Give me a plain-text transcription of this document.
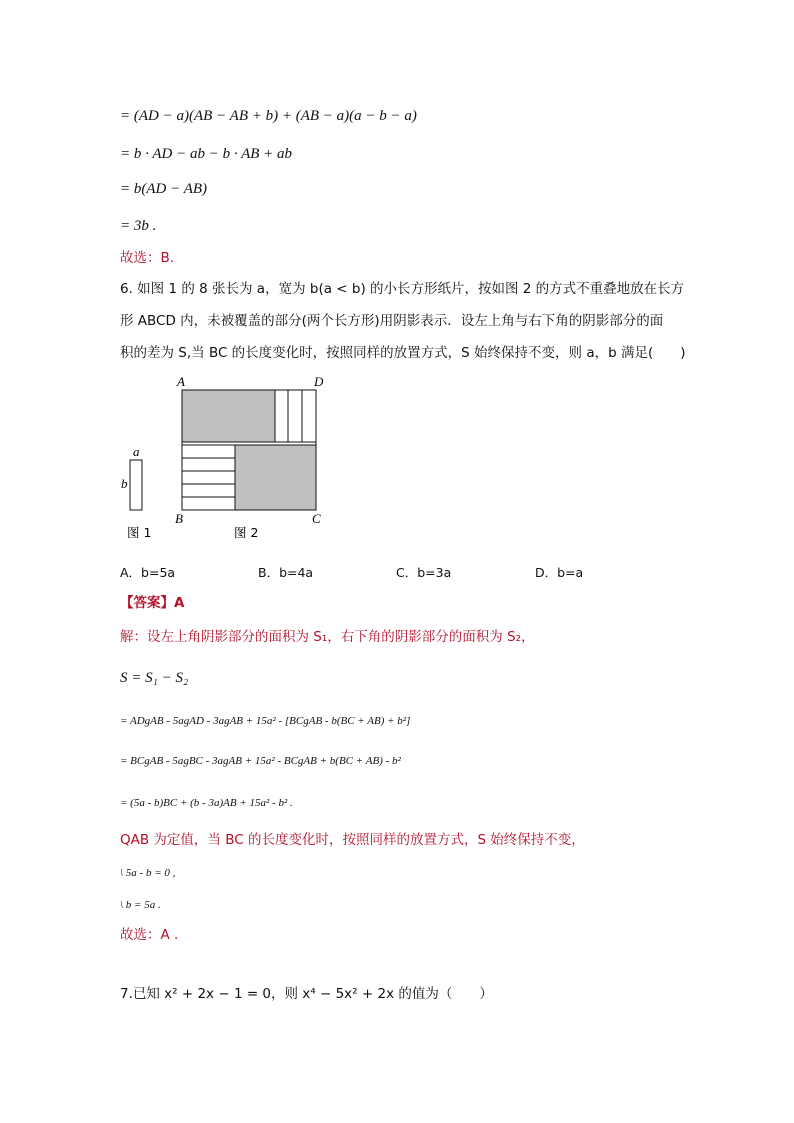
= (AD − a)(AB − AB + b) + (AB − a)(a − b − a)
= b · AD − ab − b · AB + ab
= b(AD − AB)
= 3b .
故选：B.
6. 如图 1 的 8 张长为 a，宽为 b(a < b) 的小长方形纸片，按如图 2 的方式不重叠地放在长方
形 ABCD 内，未被覆盖的部分(两个长方形)用阴影表示．设左上角与右下角的阴影部分的面
积的差为 S,当 BC 的长度变化时，按照同样的放置方式，S 始终保持不变，则 a，b 满足(　　)
a
b
图 1
A	D
B	C
图 2
A．b=5a	B．b=4a	C．b=3a	D．b=a
【答案】A
解：设左上角阴影部分的面积为 S₁，右下角的阴影部分的面积为 S₂，
S = S₁ − S₂
= ADgAB - 5agAD - 3agAB + 15a² - [BCgAB - b(BC + AB) + b²]
= BCgAB - 5agBC - 3agAB + 15a² - BCgAB + b(BC + AB) - b²
= (5a - b)BC + (b - 3a)AB + 15a² - b² .
QAB 为定值，当 BC 的长度变化时，按照同样的放置方式，S 始终保持不变，
\ 5a - b = 0 ,
\ b = 5a .
故选：A .
7.已知 x² + 2x − 1 = 0，则 x⁴ − 5x² + 2x 的值为（　　）
